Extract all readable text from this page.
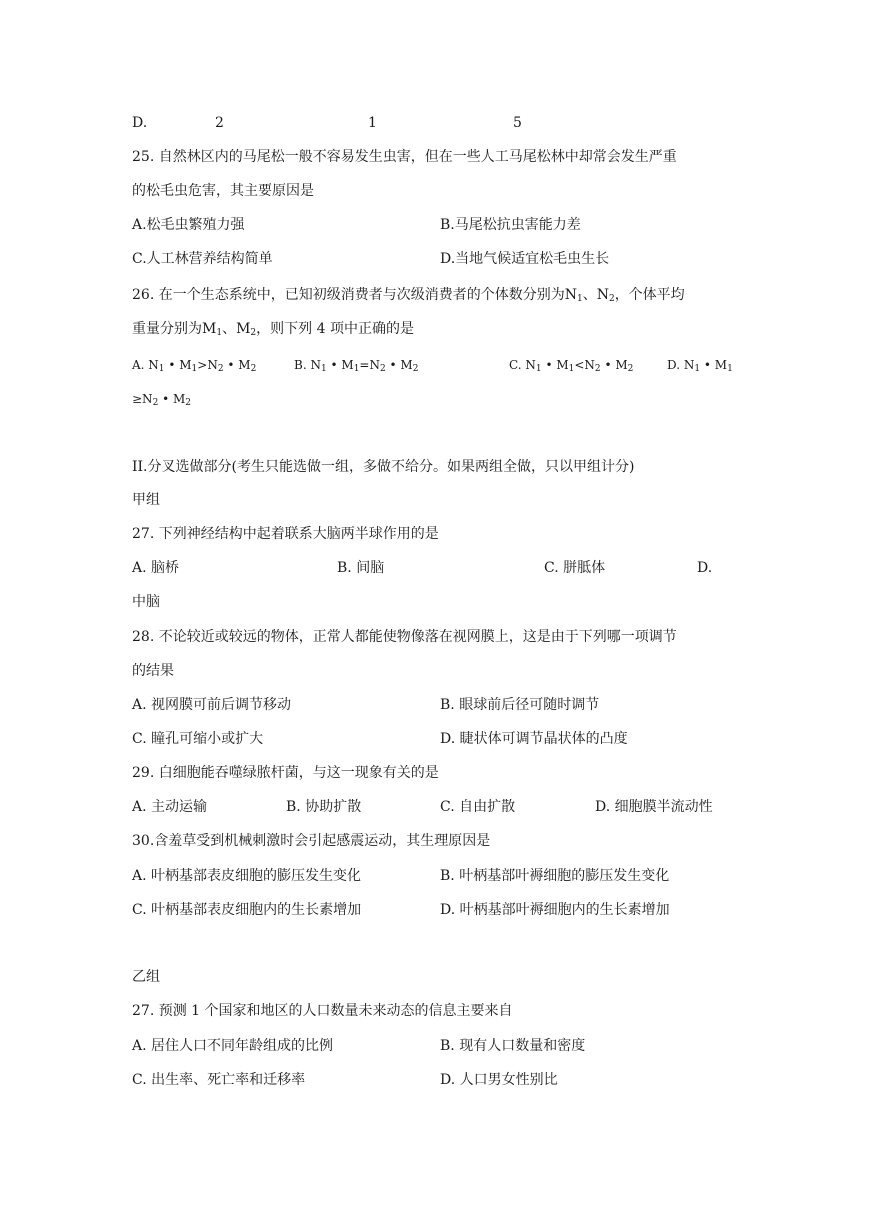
D.	2	1	5
25. 自然林区内的马尾松一般不容易发生虫害，但在一些人工马尾松林中却常会发生严重
的松毛虫危害，其主要原因是
A.松毛虫繁殖力强	B.马尾松抗虫害能力差
C.人工林营养结构简单	D.当地气候适宜松毛虫生长
26. 在一个生态系统中，已知初级消费者与次级消费者的个体数分别为$N_1$、$N_2$，个体平均
重量分别为$M_1$、$M_2$，则下列 4 项中正确的是
A. $N_1$ • $M_1>N_2$ • $M_2$	B. $N_1$ • $M_1=N_2$ • $M_2$	C. $N_1$ • $M_1<N_2$ • $M_2$	D. $N_1$ • $M_1$
$\ge N_2$ • $M_2$
II.分叉选做部分(考生只能选做一组，多做不给分。如果两组全做，只以甲组计分)
甲组
27. 下列神经结构中起着联系大脑两半球作用的是
A. 脑桥	B. 间脑	C. 胼胝体	D.
中脑
28. 不论较近或较远的物体，正常人都能使物像落在视网膜上，这是由于下列哪一项调节
的结果
A. 视网膜可前后调节移动	B. 眼球前后径可随时调节
C. 瞳孔可缩小或扩大	D. 睫状体可调节晶状体的凸度
29. 白细胞能吞噬绿脓杆菌，与这一现象有关的是
A. 主动运输	B. 协助扩散	C. 自由扩散	D. 细胞膜半流动性
30.含羞草受到机械刺激时会引起感震运动，其生理原因是
A. 叶柄基部表皮细胞的膨压发生变化	B. 叶柄基部叶褥细胞的膨压发生变化
C. 叶柄基部表皮细胞内的生长素增加	D. 叶柄基部叶褥细胞内的生长素增加
乙组
27. 预测 1 个国家和地区的人口数量未来动态的信息主要来自
A. 居住人口不同年龄组成的比例	B. 现有人口数量和密度
C. 出生率、死亡率和迁移率	D. 人口男女性别比
